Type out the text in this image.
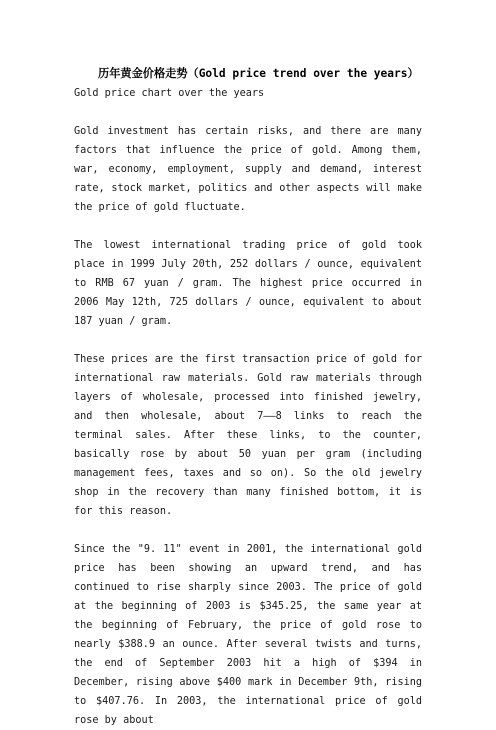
历年黄金价格走势（Gold price trend over the years）
Gold price chart over the years

Gold investment has certain risks, and there are many factors that influence the price of gold. Among them, war, economy, employment, supply and demand, interest rate, stock market, politics and other aspects will make the price of gold fluctuate.

The lowest international trading price of gold took place in 1999 July 20th, 252 dollars / ounce, equivalent to RMB 67 yuan / gram. The highest price occurred in 2006 May 12th, 725 dollars / ounce, equivalent to about 187 yuan / gram.

These prices are the first transaction price of gold for international raw materials. Gold raw materials through layers of wholesale, processed into finished jewelry, and then wholesale, about 7——8 links to reach the terminal sales. After these links, to the counter, basically rose by about 50 yuan per gram (including management fees, taxes and so on). So the old jewelry shop in the recovery than many finished bottom, it is for this reason.

Since the "9. 11" event in 2001, the international gold price has been showing an upward trend, and has continued to rise sharply since 2003. The price of gold at the beginning of 2003 is $345.25, the same year at the beginning of February, the price of gold rose to nearly $388.9 an ounce. After several twists and turns, the end of September 2003 hit a high of $394 in December, rising above $400 mark in December 9th, rising to $407.76. In 2003, the international price of gold rose by about
